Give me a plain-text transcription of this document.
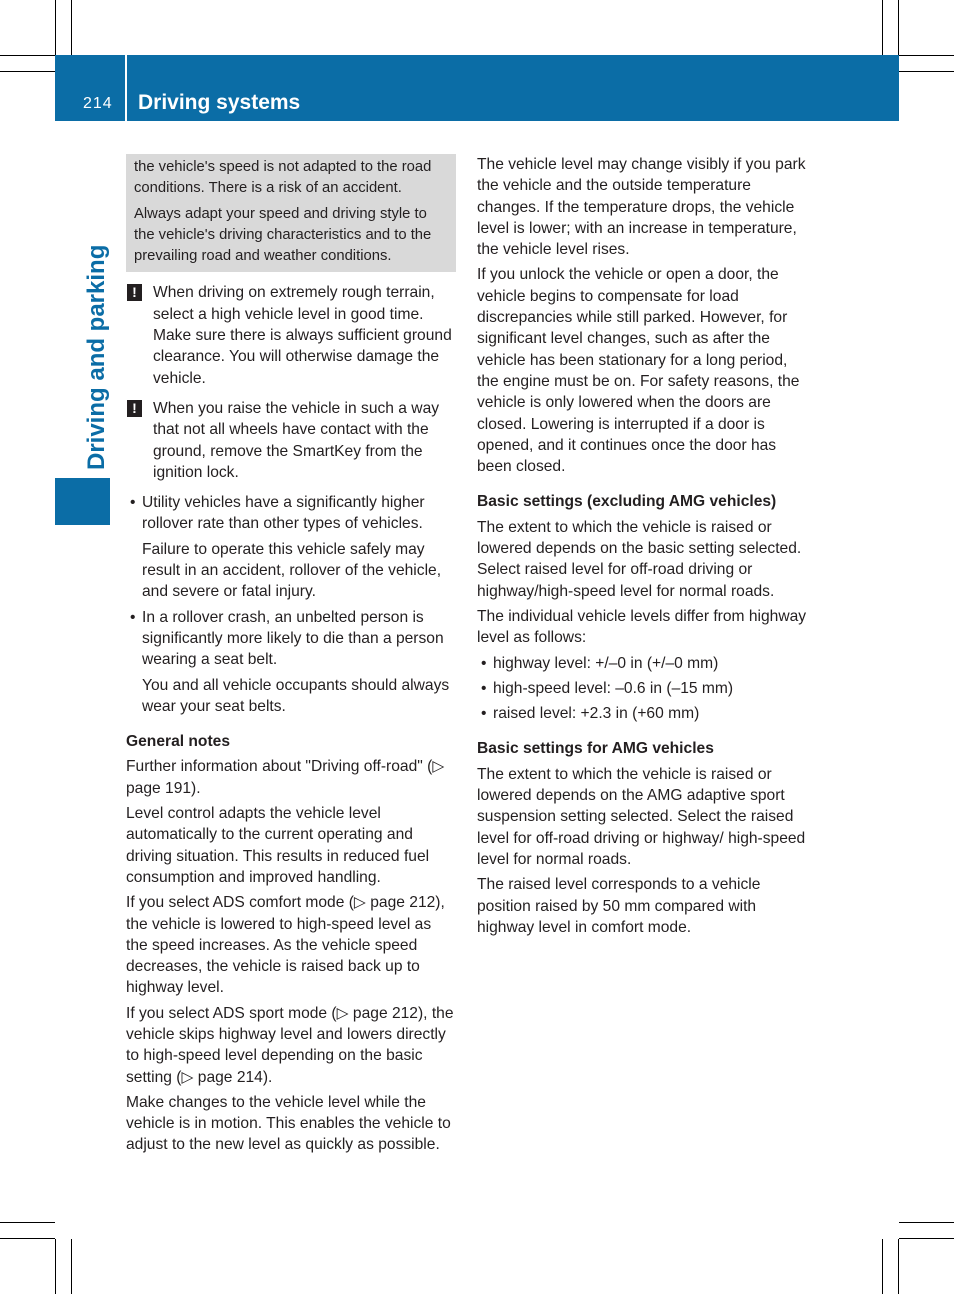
214 Driving systems
Driving and parking

the vehicle's speed is not adapted to the road conditions. There is a risk of an accident.

Always adapt your speed and driving style to the vehicle's driving characteristics and to the prevailing road and weather conditions.

!	When driving on extremely rough terrain, select a high vehicle level in good time. Make sure there is always sufficient ground clearance. You will otherwise damage the vehicle.
!	When you raise the vehicle in such a way that not all wheels have contact with the ground, remove the SmartKey from the ignition lock.
• Utility vehicles have a significantly higher rollover rate than other types of vehicles.
Failure to operate this vehicle safely may result in an accident, rollover of the vehicle, and severe or fatal injury.
• In a rollover crash, an unbelted person is significantly more likely to die than a person wearing a seat belt.
You and all vehicle occupants should always wear your seat belts.
General notes

Further information about "Driving off-road" (▷ page 191).

Level control adapts the vehicle level automatically to the current operating and driving situation. This results in reduced fuel consumption and improved handling.

If you select ADS comfort mode (▷ page 212), the vehicle is lowered to high-speed level as the speed increases. As the vehicle speed decreases, the vehicle is raised back up to highway level.

If you select ADS sport mode (▷ page 212), the vehicle skips highway level and lowers directly to high-speed level depending on the basic setting (▷ page 214).

Make changes to the vehicle level while the vehicle is in motion. This enables the vehicle to adjust to the new level as quickly as possible.

The vehicle level may change visibly if you park the vehicle and the outside temperature changes. If the temperature drops, the vehicle level is lower; with an increase in temperature, the vehicle level rises.

If you unlock the vehicle or open a door, the vehicle begins to compensate for load discrepancies while still parked. However, for significant level changes, such as after the vehicle has been stationary for a long period, the engine must be on. For safety reasons, the vehicle is only lowered when the doors are closed. Lowering is interrupted if a door is opened, and it continues once the door has been closed.

Basic settings (excluding AMG vehicles)

The extent to which the vehicle is raised or lowered depends on the basic setting selected. Select raised level for off-road driving or highway/high-speed level for normal roads.

The individual vehicle levels differ from highway level as follows:

• highway level: +/–0 in (+/–0 mm)
• high-speed level: –0.6 in (–15 mm)
• raised level: +2.3 in (+60 mm)
Basic settings for AMG vehicles

The extent to which the vehicle is raised or lowered depends on the AMG adaptive sport suspension setting selected. Select the raised level for off-road driving or highway/ high-speed level for normal roads.

The raised level corresponds to a vehicle position raised by 50 mm compared with highway level in comfort mode.
